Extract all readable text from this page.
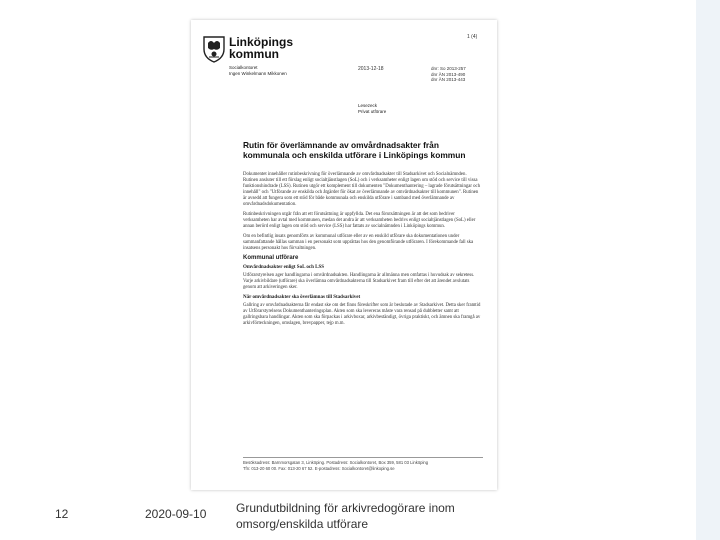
Linköpings
kommun
Socialkontoret
Ingen Winkelmann Mikkonen
1 (4)
2013-12-18	dnr: So 2013-257
dnr ÄN 2013-490
dnr ÄN 2013-443
Lesezeck
Privat utförare
Rutin för överlämnande av omvårdnadsakter från kommunala och enskilda utförare i Linköpings kommun

Dokumentet innehåller rutinbeskrivning för överlämnande av omvårdnadsakter till Stadsarkivet och Socialnämnden. Rutinen ansluter till ett förslag enligt socialtjänstlagen (SoL) och i verksamheter enligt lagen om stöd och service till vissa funktionshindrade (LSS). Rutinen utgör ett komplement till dokumenten "Dokumenthantering – lagrade förutsättningar och innehåll" och "Utförande av enskilda och åtgärder för ökat av överlämnande av omvårdnadsakter till kommunen". Rutinen är avsedd att fungera som ett stöd för både kommunala och enskilda utförare i samband med överlämnande av omvårdnadsdokumentation.

Rutinbeskrivningen utgår från att ett förutsättning är uppfyllda. Det ena förutsättningen är att det som bedriver verksamheten har avtal med kommunen, medan det andra är att verksamheten bedrivs enligt socialtjänstlagen (SoL) eller annan berörd enligt lagen om stöd och service (LSS) har fattats av socialnämnden i Linköpings kommun.

Om en befintlig insats genomförts av kommunal utförare eller av en enskild utförare ska dokumentationen under sammanfattande hållas samman i en personakt som upprättas hos den genomförande utföraren. I förekommande fall ska insatsens personakt hos förvaltningen.

Kommunal utförare
Omvårdnadsakter enligt SoL och LSS

Utförarstyrelsen ager handlingarna i omvårdnadsakten. Handlingarna är allmänna men omfattas i huvudsak av sekretess. Varje arkivbildare (utförare) ska överlämna omvårdnadsakterna till Stadsarkivet fram till efter det att ärendet avslutats genom att arkiveringen sker.

När omvårdnadsakter ska överlämnas till Stadsarkivet

Gallring av omvårdnadsakterna får endast ske om det finns föreskrifter som är beslutade av Stadsarkivet. Detta sker framtid av Utförarstyrelsens Dokumenthanteringsplan. Akten som ska levereras måste vara rensad på dubbletter samt att gallringsbara handlingar. Akten som ska förpackas i arkivboxar, arkivbeständigt, övriga praktiskt, och ämnen ska framgå av arkivförteckningen, omslagen, brevpapper, tejp m.m.

Besöksadress: Barnmorsgatan 3, Linköping. Postadress: Socialkontoret, Box 359, 581 03 Linköping
Tfn: 013-20 60 00. Fax: 013-20 67 52. E-postadress: Socialkontoret@linkoping.se
12	2020-09-10 Grundutbildning för arkivredogörare inom omsorg/enskilda utförare
